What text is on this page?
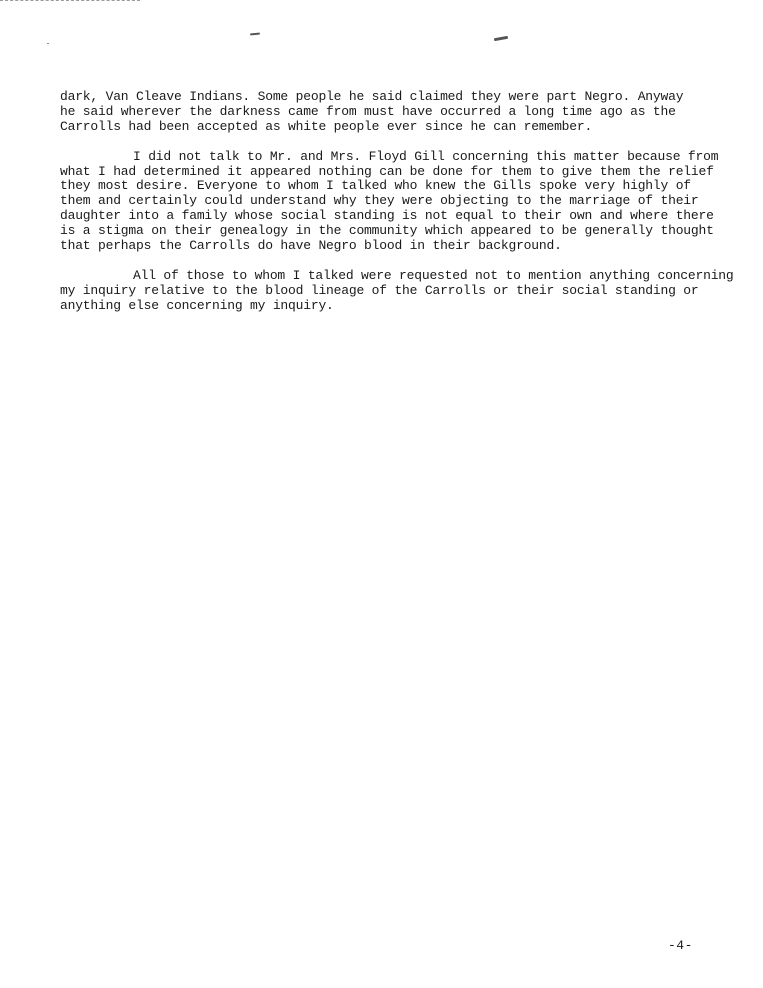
dark, Van Cleave Indians. Some people he said claimed they were part Negro. Anyway
he said wherever the darkness came from must have occurred a long time ago as the
Carrolls had been accepted as white people ever since he can remember.

I did not talk to Mr. and Mrs. Floyd Gill concerning this matter because from
what I had determined it appeared nothing can be done for them to give them the relief
they most desire. Everyone to whom I talked who knew the Gills spoke very highly of
them and certainly could understand why they were objecting to the marriage of their
daughter into a family whose social standing is not equal to their own and where there
is a stigma on their genealogy in the community which appeared to be generally thought
that perhaps the Carrolls do have Negro blood in their background.

All of those to whom I talked were requested not to mention anything concerning
my inquiry relative to the blood lineage of the Carrolls or their social standing or
anything else concerning my inquiry.

-4-
